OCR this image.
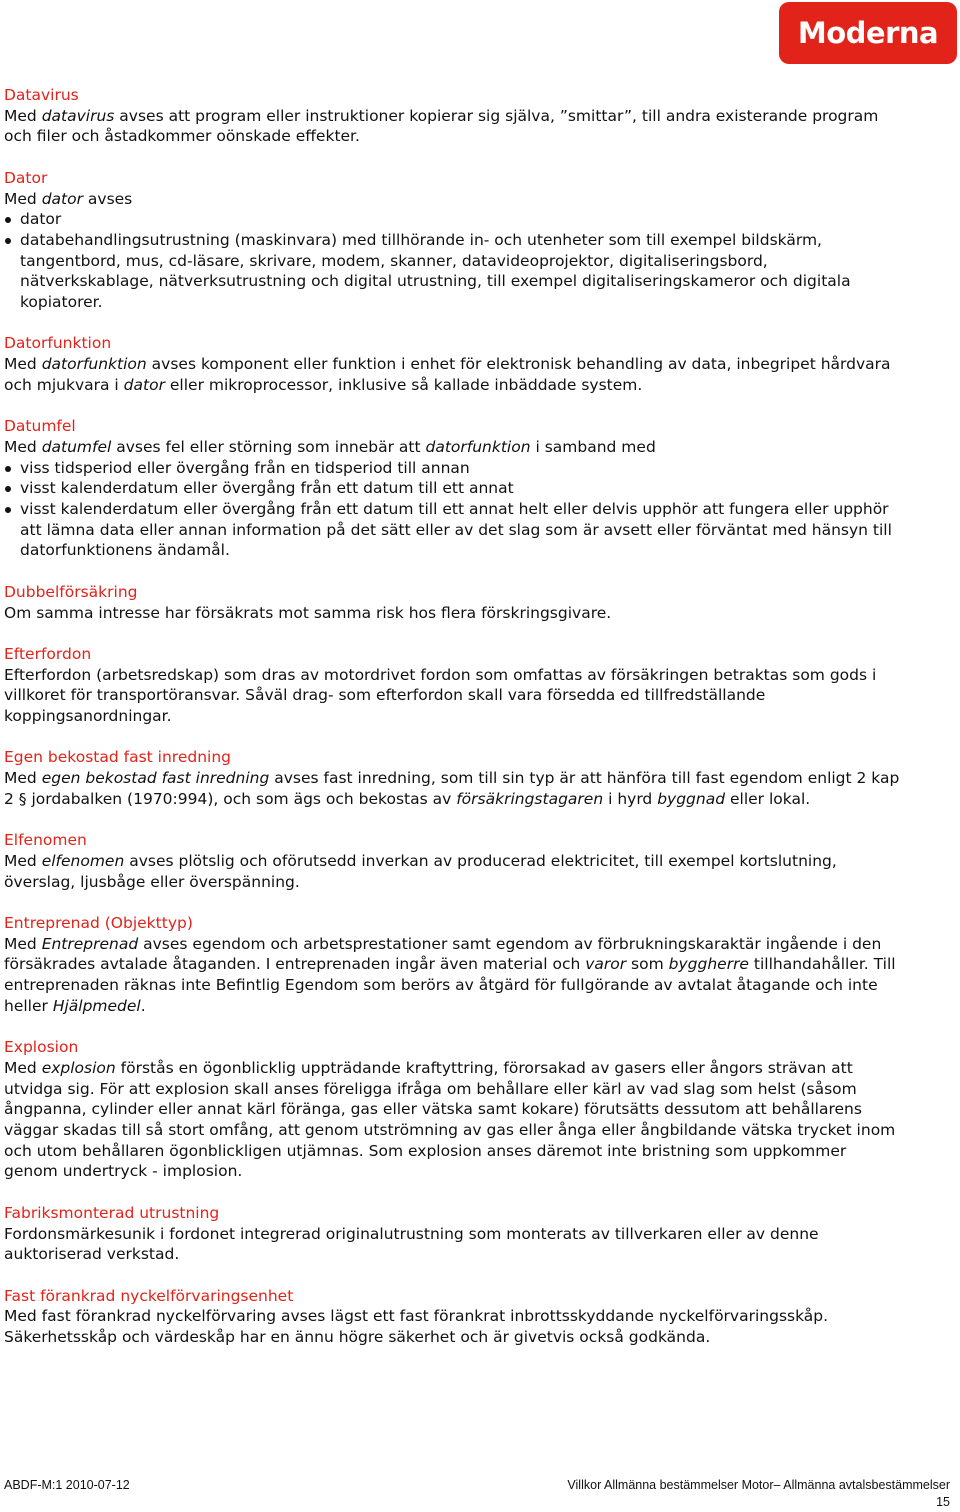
Moderna
Datavirus
Med datavirus avses att program eller instruktioner kopierar sig själva, ”smittar”, till andra existerande program och filer och åstadkommer oönskade effekter.
Dator
Med dator avses
dator
databehandlingsutrustning (maskinvara) med tillhörande in- och utenheter som till exempel bildskärm, tangentbord, mus, cd-läsare, skrivare, modem, skanner, datavideoprojektor, digitaliseringsbord, nätverkskablage, nätverksutrustning och digital utrustning, till exempel digitaliseringskameror och digitala kopiatorer.
Datorfunktion
Med datorfunktion avses komponent eller funktion i enhet för elektronisk behandling av data, inbegripet hårdvara och mjukvara i dator eller mikroprocessor, inklusive så kallade inbäddade system.
Datumfel
Med datumfel avses fel eller störning som innebär att datorfunktion i samband med
viss tidsperiod eller övergång från en tidsperiod till annan
visst kalenderdatum eller övergång från ett datum till ett annat
visst kalenderdatum eller övergång från ett datum till ett annat helt eller delvis upphör att fungera eller upphör att lämna data eller annan information på det sätt eller av det slag som är avsett eller förväntat med hänsyn till datorfunktionens ändamål.
Dubbelförsäkring
Om samma intresse har försäkrats mot samma risk hos flera förskringsgivare.
Efterfordon
Efterfordon (arbetsredskap) som dras av motordrivet fordon som omfattas av försäkringen betraktas som gods i villkoret för transportöransvar. Såväl drag- som efterfordon skall vara försedda ed tillfredställande koppingsanordningar.
Egen bekostad fast inredning
Med egen bekostad fast inredning avses fast inredning, som till sin typ är att hänföra till fast egendom enligt 2 kap 2 § jordabalken (1970:994), och som ägs och bekostas av försäkringstagaren i hyrd byggnad eller lokal.
Elfenomen
Med elfenomen avses plötslig och oförutsedd inverkan av producerad elektricitet, till exempel kortslutning, överslag, ljusbåge eller överspänning.
Entreprenad (Objekttyp)
Med Entreprenad avses egendom och arbetsprestationer samt egendom av förbrukningskaraktär ingående i den försäkrades avtalade åtaganden. I entreprenaden ingår även material och varor som byggherre tillhandahåller. Till entreprenaden räknas inte Befintlig Egendom som berörs av åtgärd för fullgörande av avtalat åtagande och inte heller Hjälpmedel.
Explosion
Med explosion förstås en ögonblicklig uppträdande kraftyttring, förorsakad av gasers eller ångors strävan att utvidga sig. För att explosion skall anses föreligga ifråga om behållare eller kärl av vad slag som helst (såsom ångpanna, cylinder eller annat kärl föränga, gas eller vätska samt kokare) förutsätts dessutom att behållarens väggar skadas till så stort omfång, att genom utströmning av gas eller ånga eller ångbildande vätska trycket inom och utom behållaren ögonblickligen utjämnas. Som explosion anses däremot inte bristning som uppkommer genom undertryck - implosion.
Fabriksmonterad utrustning
Fordonsmärkesunik i fordonet integrerad originalutrustning som monterats av tillverkaren eller av denne auktoriserad verkstad.
Fast förankrad nyckelförvaringsenhet
Med fast förankrad nyckelförvaring avses lägst ett fast förankrat inbrottsskyddande nyckelförvaringsskåp. Säkerhetsskåp och värdeskåp har en ännu högre säkerhet och är givetvis också godkända.
ABDF-M:1 2010-07-12	Villkor Allmänna bestämmelser Motor– Allmänna avtalsbestämmelser
15
